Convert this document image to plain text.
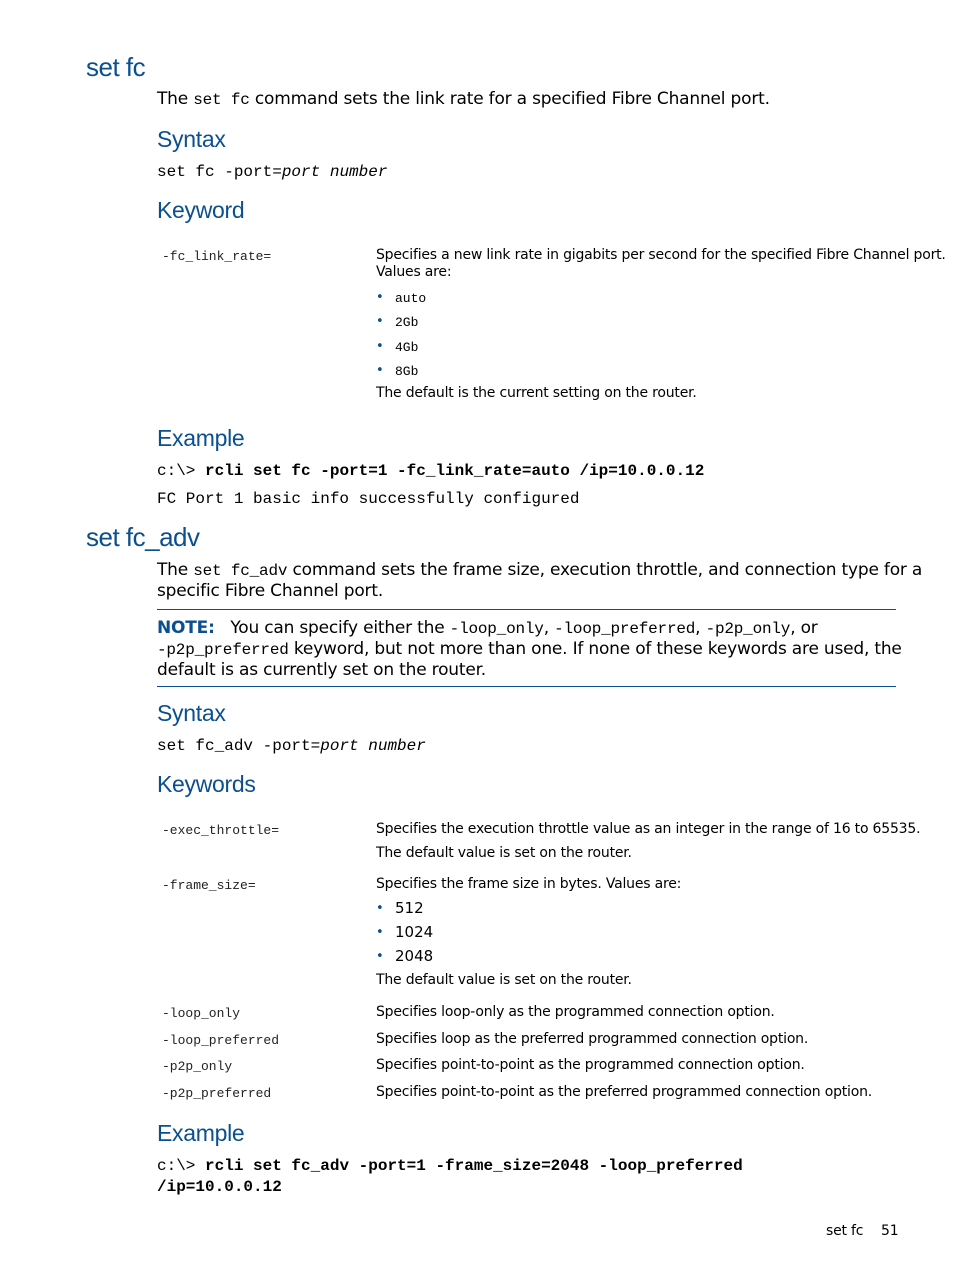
set fc
The set fc command sets the link rate for a specified Fibre Channel port.
Syntax
set fc -port=port number
Keyword
-fc_link_rate=	Specifies a new link rate in gigabits per second for the specified Fibre Channel port.
Values are:
• auto
• 2Gb
• 4Gb
• 8Gb
The default is the current setting on the router.
Example
c:\> rcli set fc -port=1 -fc_link_rate=auto /ip=10.0.0.12
FC Port 1 basic info successfully configured
set fc_adv
The set fc_adv command sets the frame size, execution throttle, and connection type for a
specific Fibre Channel port.
NOTE: You can specify either the -loop_only, -loop_preferred, -p2p_only, or
-p2p_preferred keyword, but not more than one. If none of these keywords are used, the
default is as currently set on the router.
Syntax
set fc_adv -port=port number
Keywords
-exec_throttle=	Specifies the execution throttle value as an integer in the range of 16 to 65535.
The default value is set on the router.
-frame_size=	Specifies the frame size in bytes. Values are:
• 512
• 1024
• 2048
The default value is set on the router.
-loop_only	Specifies loop-only as the programmed connection option.
-loop_preferred	Specifies loop as the preferred programmed connection option.
-p2p_only	Specifies point-to-point as the programmed connection option.
-p2p_preferred	Specifies point-to-point as the preferred programmed connection option.
Example
c:\> rcli set fc_adv -port=1 -frame_size=2048 -loop_preferred
/ip=10.0.0.12
set fc 51
